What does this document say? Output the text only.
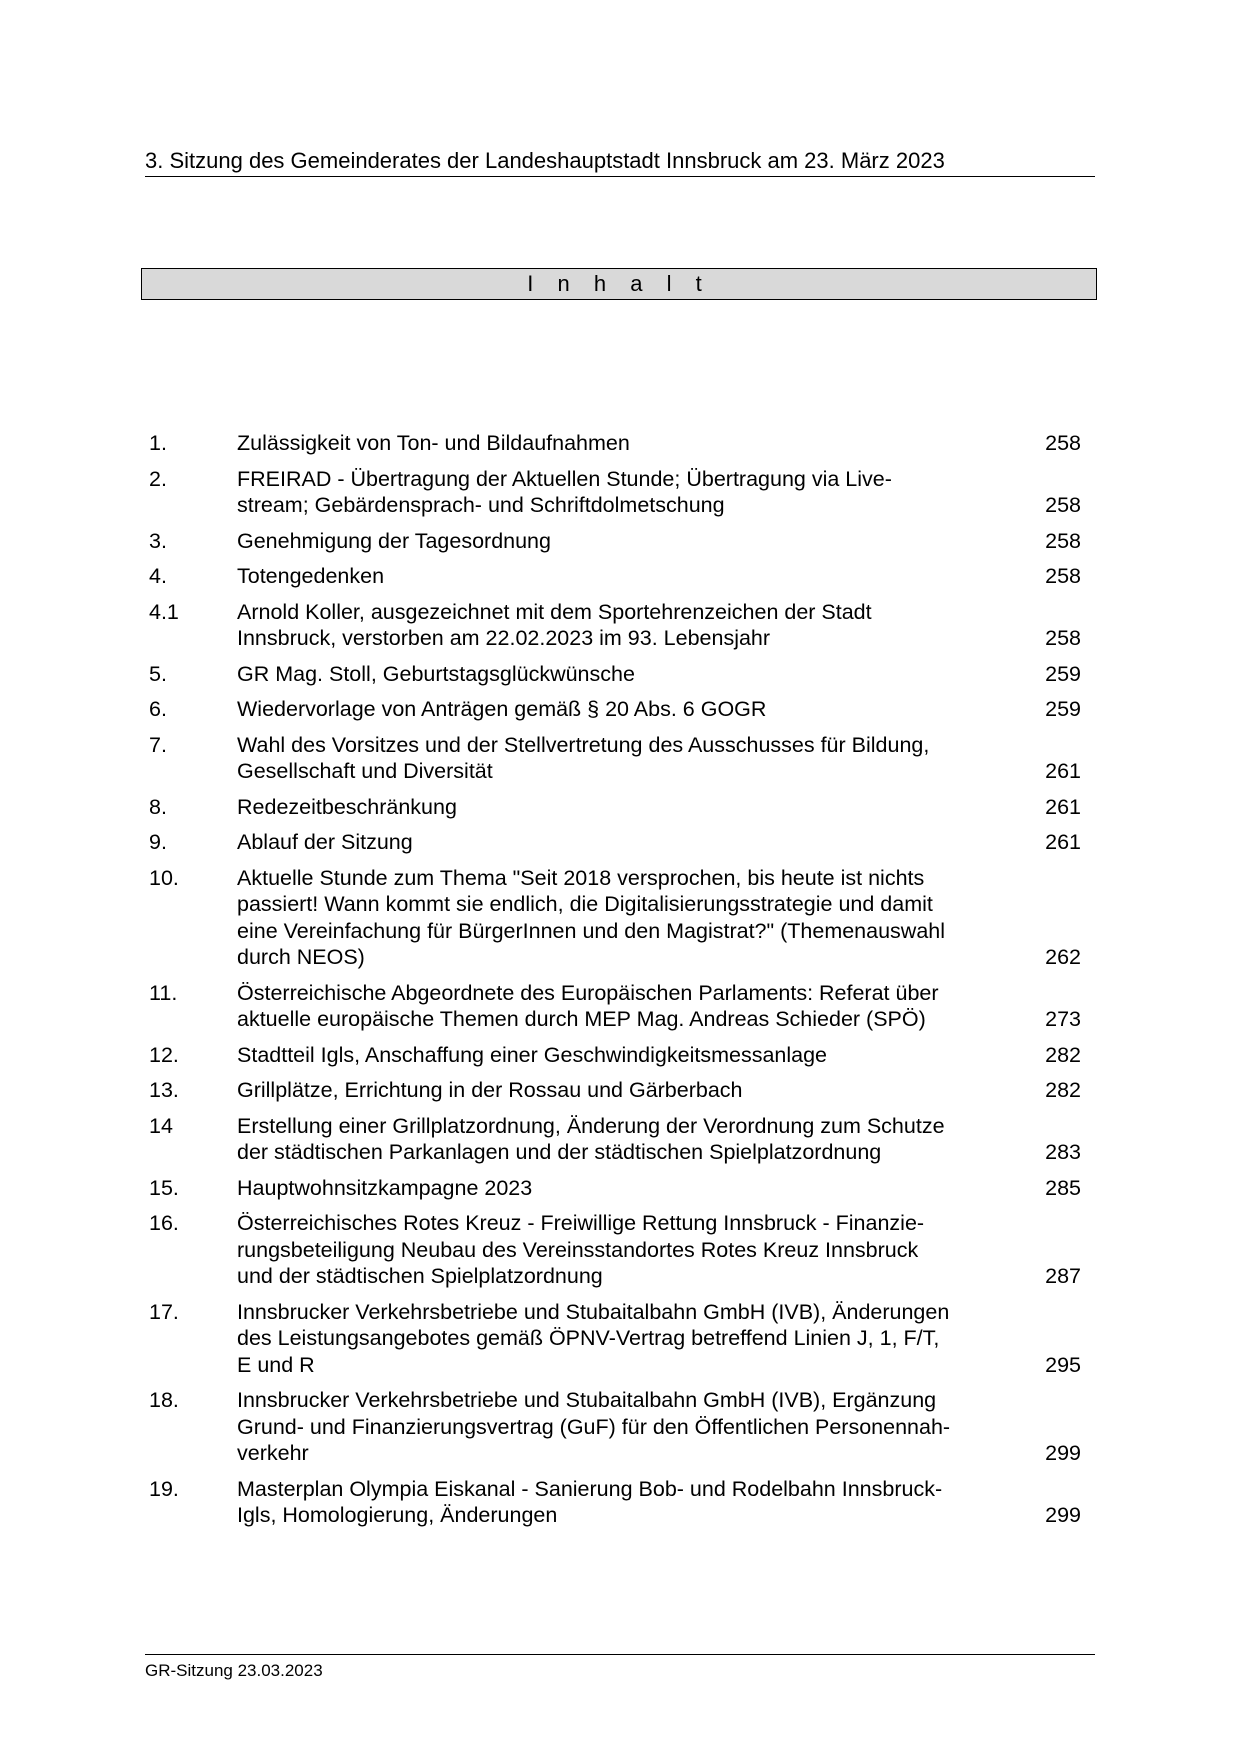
3. Sitzung des Gemeinderates der Landeshauptstadt Innsbruck am 23. März 2023
I n h a l t
1.	Zulässigkeit von Ton- und Bildaufnahmen	258
2.	FREIRAD - Übertragung der Aktuellen Stunde; Übertragung via Live-
stream; Gebärdensprach- und Schriftdolmetschung	258
3.	Genehmigung der Tagesordnung	258
4.	Totengedenken	258
4.1	Arnold Koller, ausgezeichnet mit dem Sportehrenzeichen der Stadt
Innsbruck, verstorben am 22.02.2023 im 93. Lebensjahr	258
5.	GR Mag. Stoll, Geburtstagsglückwünsche	259
6.	Wiedervorlage von Anträgen gemäß § 20 Abs. 6 GOGR	259
7.	Wahl des Vorsitzes und der Stellvertretung des Ausschusses für Bildung,
Gesellschaft und Diversität	261
8.	Redezeitbeschränkung	261
9.	Ablauf der Sitzung	261
10.	Aktuelle Stunde zum Thema "Seit 2018 versprochen, bis heute ist nichts
passiert! Wann kommt sie endlich, die Digitalisierungsstrategie und damit
eine Vereinfachung für BürgerInnen und den Magistrat?" (Themenauswahl
durch NEOS)	262
11.	Österreichische Abgeordnete des Europäischen Parlaments: Referat über
aktuelle europäische Themen durch MEP Mag. Andreas Schieder (SPÖ)	273
12.	Stadtteil Igls, Anschaffung einer Geschwindigkeitsmessanlage	282
13.	Grillplätze, Errichtung in der Rossau und Gärberbach	282
14	Erstellung einer Grillplatzordnung, Änderung der Verordnung zum Schutze
der städtischen Parkanlagen und der städtischen Spielplatzordnung	283
15.	Hauptwohnsitzkampagne 2023	285
16.	Österreichisches Rotes Kreuz - Freiwillige Rettung Innsbruck - Finanzie-
rungsbeteiligung Neubau des Vereinsstandortes Rotes Kreuz Innsbruck
und der städtischen Spielplatzordnung	287
17.	Innsbrucker Verkehrsbetriebe und Stubaitalbahn GmbH (IVB), Änderungen
des Leistungsangebotes gemäß ÖPNV-Vertrag betreffend Linien J, 1, F/T,
E und R	295
18.	Innsbrucker Verkehrsbetriebe und Stubaitalbahn GmbH (IVB), Ergänzung
Grund- und Finanzierungsvertrag (GuF) für den Öffentlichen Personennah-
verkehr	299
19.	Masterplan Olympia Eiskanal - Sanierung Bob- und Rodelbahn Innsbruck-
Igls, Homologierung, Änderungen	299
GR-Sitzung 23.03.2023
